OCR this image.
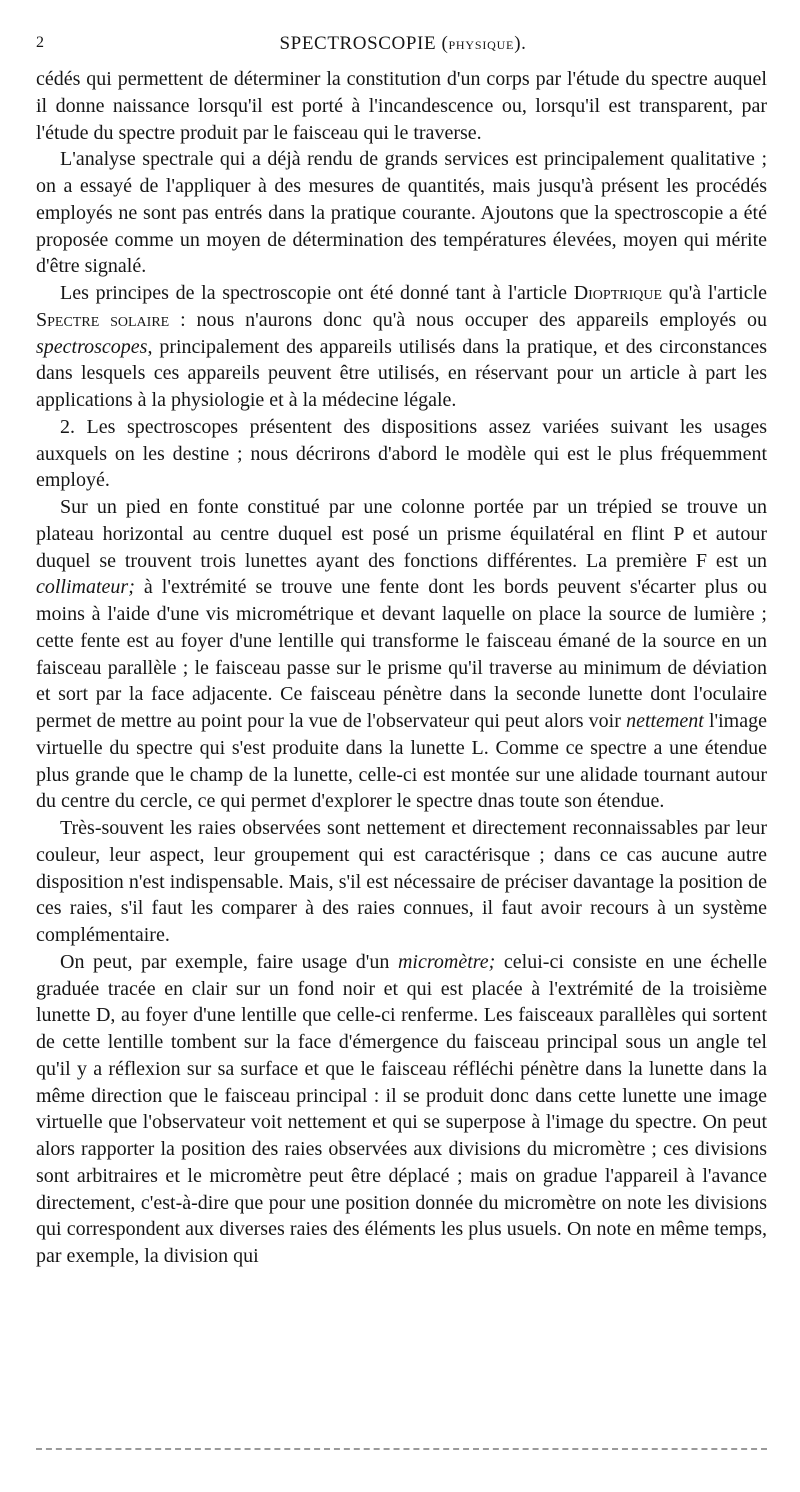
2	SPECTROSCOPIE (physique).

cédés qui permettent de déterminer la constitution d'un corps par l'étude du spectre auquel il donne naissance lorsqu'il est porté à l'incandescence ou, lorsqu'il est transparent, par l'étude du spectre produit par le faisceau qui le traverse.

L'analyse spectrale qui a déjà rendu de grands services est principalement qualitative ; on a essayé de l'appliquer à des mesures de quantités, mais jusqu'à présent les procédés employés ne sont pas entrés dans la pratique courante. Ajoutons que la spectroscopie a été proposée comme un moyen de détermination des températures élevées, moyen qui mérite d'être signalé.

Les principes de la spectroscopie ont été donné tant à l'article Dioptrique qu'à l'article Spectre solaire : nous n'aurons donc qu'à nous occuper des appareils employés ou spectroscopes, principalement des appareils utilisés dans la pratique, et des circonstances dans lesquels ces appareils peuvent être utilisés, en réservant pour un article à part les applications à la physiologie et à la médecine légale.

2. Les spectroscopes présentent des dispositions assez variées suivant les usages auxquels on les destine ; nous décrirons d'abord le modèle qui est le plus fréquemment employé.

Sur un pied en fonte constitué par une colonne portée par un trépied se trouve un plateau horizontal au centre duquel est posé un prisme équilatéral en flint P et autour duquel se trouvent trois lunettes ayant des fonctions différentes. La première F est un collimateur; à l'extrémité se trouve une fente dont les bords peuvent s'écarter plus ou moins à l'aide d'une vis micrométrique et devant laquelle on place la source de lumière ; cette fente est au foyer d'une lentille qui transforme le faisceau émané de la source en un faisceau parallèle ; le faisceau passe sur le prisme qu'il traverse au minimum de déviation et sort par la face adjacente. Ce faisceau pénètre dans la seconde lunette dont l'oculaire permet de mettre au point pour la vue de l'observateur qui peut alors voir nettement l'image virtuelle du spectre qui s'est produite dans la lunette L. Comme ce spectre a une étendue plus grande que le champ de la lunette, celle-ci est montée sur une alidade tournant autour du centre du cercle, ce qui permet d'explorer le spectre dnas toute son étendue.

Très-souvent les raies observées sont nettement et directement reconnaissables par leur couleur, leur aspect, leur groupement qui est caractérisque ; dans ce cas aucune autre disposition n'est indispensable. Mais, s'il est nécessaire de préciser davantage la position de ces raies, s'il faut les comparer à des raies connues, il faut avoir recours à un système complémentaire.

On peut, par exemple, faire usage d'un micromètre; celui-ci consiste en une échelle graduée tracée en clair sur un fond noir et qui est placée à l'extrémité de la troisième lunette D, au foyer d'une lentille que celle-ci renferme. Les faisceaux parallèles qui sortent de cette lentille tombent sur la face d'émergence du faisceau principal sous un angle tel qu'il y a réflexion sur sa surface et que le faisceau réfléchi pénètre dans la lunette dans la même direction que le faisceau principal : il se produit donc dans cette lunette une image virtuelle que l'observateur voit nettement et qui se superpose à l'image du spectre. On peut alors rapporter la position des raies observées aux divisions du micromètre ; ces divisions sont arbitraires et le micromètre peut être déplacé ; mais on gradue l'appareil à l'avance directement, c'est-à-dire que pour une position donnée du micromètre on note les divisions qui correspondent aux diverses raies des éléments les plus usuels. On note en même temps, par exemple, la division qui
